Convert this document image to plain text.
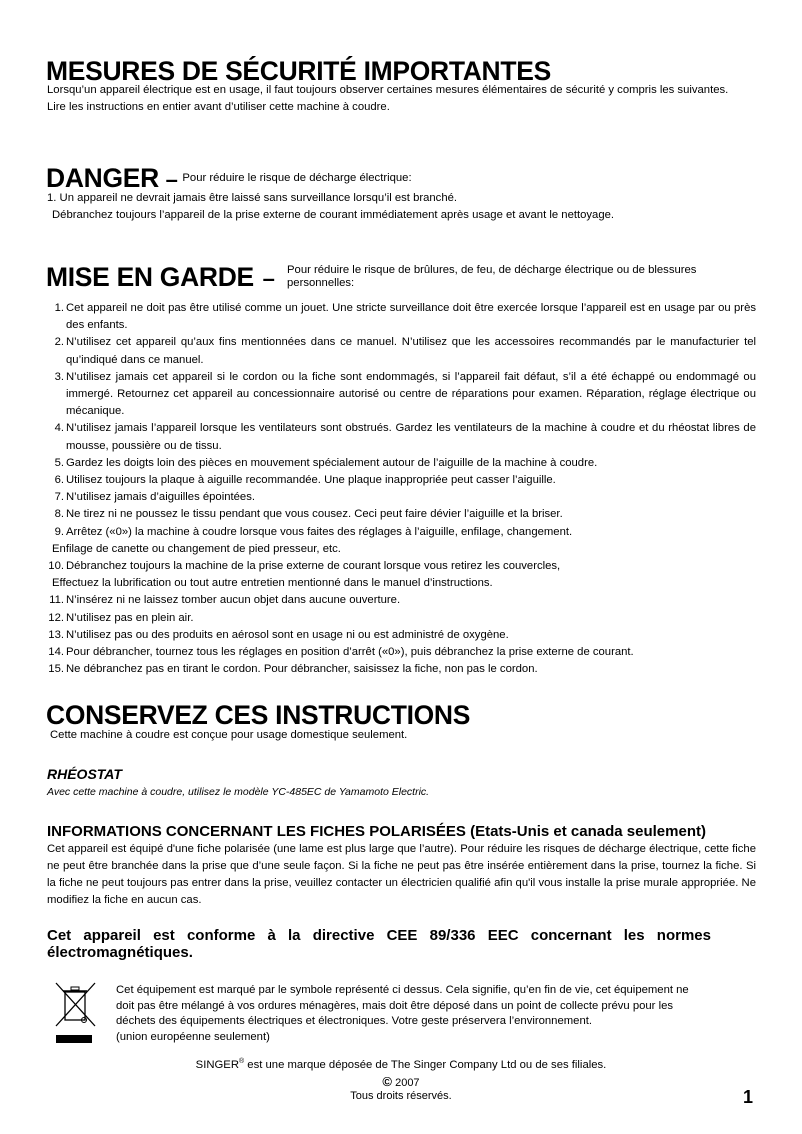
MESURES DE SÉCURITÉ IMPORTANTES
Lorsqu’un appareil électrique est en usage, il faut toujours observer certaines mesures élémentaires de sécurité y compris les suivantes.
Lire les instructions en entier avant d’utiliser cette machine à coudre.
DANGER – $^{Pour réduire le risque de décharge électrique:}$
1. Un appareil ne devrait jamais être laissé sans surveillance lorsqu’il est branché.
Débranchez toujours l’appareil de la prise externe de courant immédiatement après usage et avant le nettoyage.
MISE EN GARDE – Pour réduire le risque de brûlures, de feu, de décharge électrique ou de blessures personnelles:
1. Cet appareil ne doit pas être utilisé comme un jouet. Une stricte surveillance doit être exercée lorsque l’appareil est en usage par ou près des enfants.
2. N’utilisez cet appareil qu’aux fins mentionnées dans ce manuel. N’utilisez que les accessoires recommandés par le manufacturier tel qu’indiqué dans ce manuel.
3. N’utilisez jamais cet appareil si le cordon ou la fiche sont endommagés, si l’appareil fait défaut, s’il a été échappé ou endommagé ou immergé. Retournez cet appareil au concessionnaire autorisé ou centre de réparations pour examen. Réparation, réglage électrique ou mécanique.
4. N’utilisez jamais l’appareil lorsque les ventilateurs sont obstrués. Gardez les ventilateurs de la machine à coudre et du rhéostat libres de mousse, poussière ou de tissu.
5. Gardez les doigts loin des pièces en mouvement spécialement autour de l’aiguille de la machine à coudre.
6. Utilisez toujours la plaque à aiguille recommandée. Une plaque inappropriée peut casser l’aiguille.
7. N’utilisez jamais d’aiguilles épointées.
8. Ne tirez ni ne poussez le tissu pendant que vous cousez. Ceci peut faire dévier l’aiguille et la briser.
9. Arrêtez («0») la machine à coudre lorsque vous faites des réglages à l’aiguille, enfilage, changement.
Enfilage de canette ou changement de pied presseur, etc.
10. Débranchez toujours la machine de la prise externe de courant lorsque vous retirez les couvercles,
Effectuez la lubrification ou tout autre entretien mentionné dans le manuel d’instructions.
11. N’insérez ni ne laissez tomber aucun objet dans aucune ouverture.
12. N’utilisez pas en plein air.
13. N’utilisez pas ou des produits en aérosol sont en usage ni ou est administré de oxygène.
14. Pour débrancher, tournez tous les réglages en position d’arrêt («0»), puis débranchez la prise externe de courant.
15. Ne débranchez pas en tirant le cordon. Pour débrancher, saisissez la fiche, non pas le cordon.
CONSERVEZ CES INSTRUCTIONS
Cette machine à coudre est conçue pour usage domestique seulement.
RHÉOSTAT
Avec cette machine à coudre, utilisez le modèle YC-485EC de Yamamoto Electric.
INFORMATIONS CONCERNANT LES FICHES POLARISÉES (Etats-Unis et canada seulement)
Cet appareil est équipé d'une fiche polarisée (une lame est plus large que l’autre). Pour réduire les risques de décharge électrique, cette fiche ne peut être branchée dans la prise que d’une seule façon. Si la fiche ne peut pas être insérée entièrement dans la prise, tournez la fiche. Si la fiche ne peut toujours pas entrer dans la prise, veuillez contacter un électricien qualifié afin qu'il vous installe la prise murale appropriée. Ne modifiez la fiche en aucun cas.
Cet appareil est conforme à la directive CEE 89/336 EEC concernant les normes électromagnétiques.
Cet équipement est marqué par le symbole représenté ci dessus. Cela signifie, qu’en fin de vie, cet équipement ne
doit pas être mélangé à vos ordures ménagères, mais doit être déposé dans un point de collecte prévu pour les
déchets des équipements électriques et électroniques. Votre geste préservera l’environnement.
(union européenne seulement)
SINGER® est une marque déposée de The Singer Company Ltd ou de ses filiales.
© 2007
Tous droits réservés.	1
